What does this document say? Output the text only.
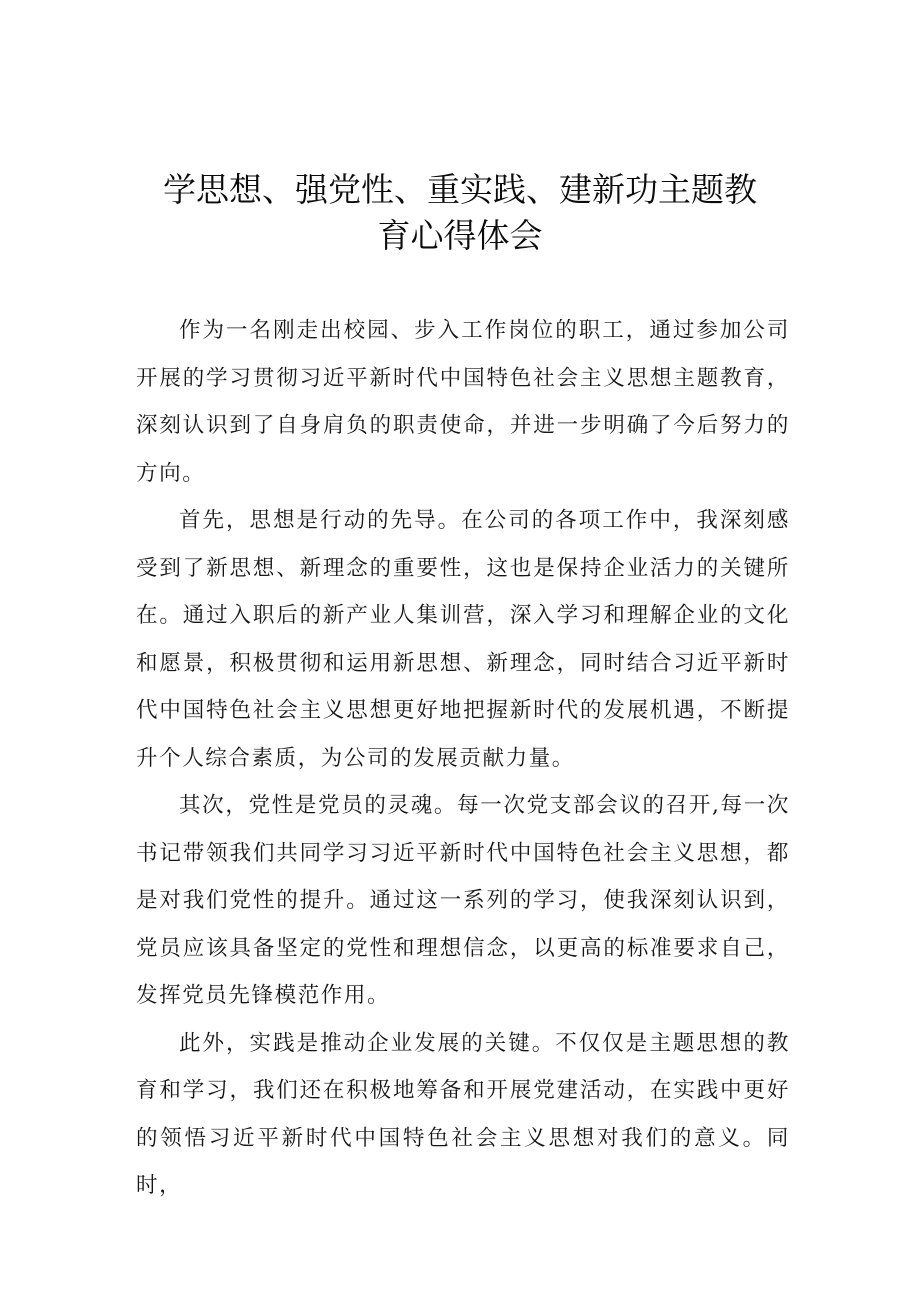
学思想、强党性、重实践、建新功主题教
育心得体会

作为一名刚走出校园、步入工作岗位的职工，通过参加公司开展的学习贯彻习近平新时代中国特色社会主义思想主题教育，深刻认识到了自身肩负的职责使命，并进一步明确了今后努力的方向。

首先，思想是行动的先导。在公司的各项工作中，我深刻感受到了新思想、新理念的重要性，这也是保持企业活力的关键所在。通过入职后的新产业人集训营，深入学习和理解企业的文化和愿景，积极贯彻和运用新思想、新理念，同时结合习近平新时代中国特色社会主义思想更好地把握新时代的发展机遇，不断提升个人综合素质，为公司的发展贡献力量。

其次，党性是党员的灵魂。每一次党支部会议的召开,每一次书记带领我们共同学习习近平新时代中国特色社会主义思想，都是对我们党性的提升。通过这一系列的学习，使我深刻认识到，党员应该具备坚定的党性和理想信念，以更高的标准要求自己，发挥党员先锋模范作用。

此外，实践是推动企业发展的关键。不仅仅是主题思想的教育和学习，我们还在积极地筹备和开展党建活动，在实践中更好的领悟习近平新时代中国特色社会主义思想对我们的意义。同时，
